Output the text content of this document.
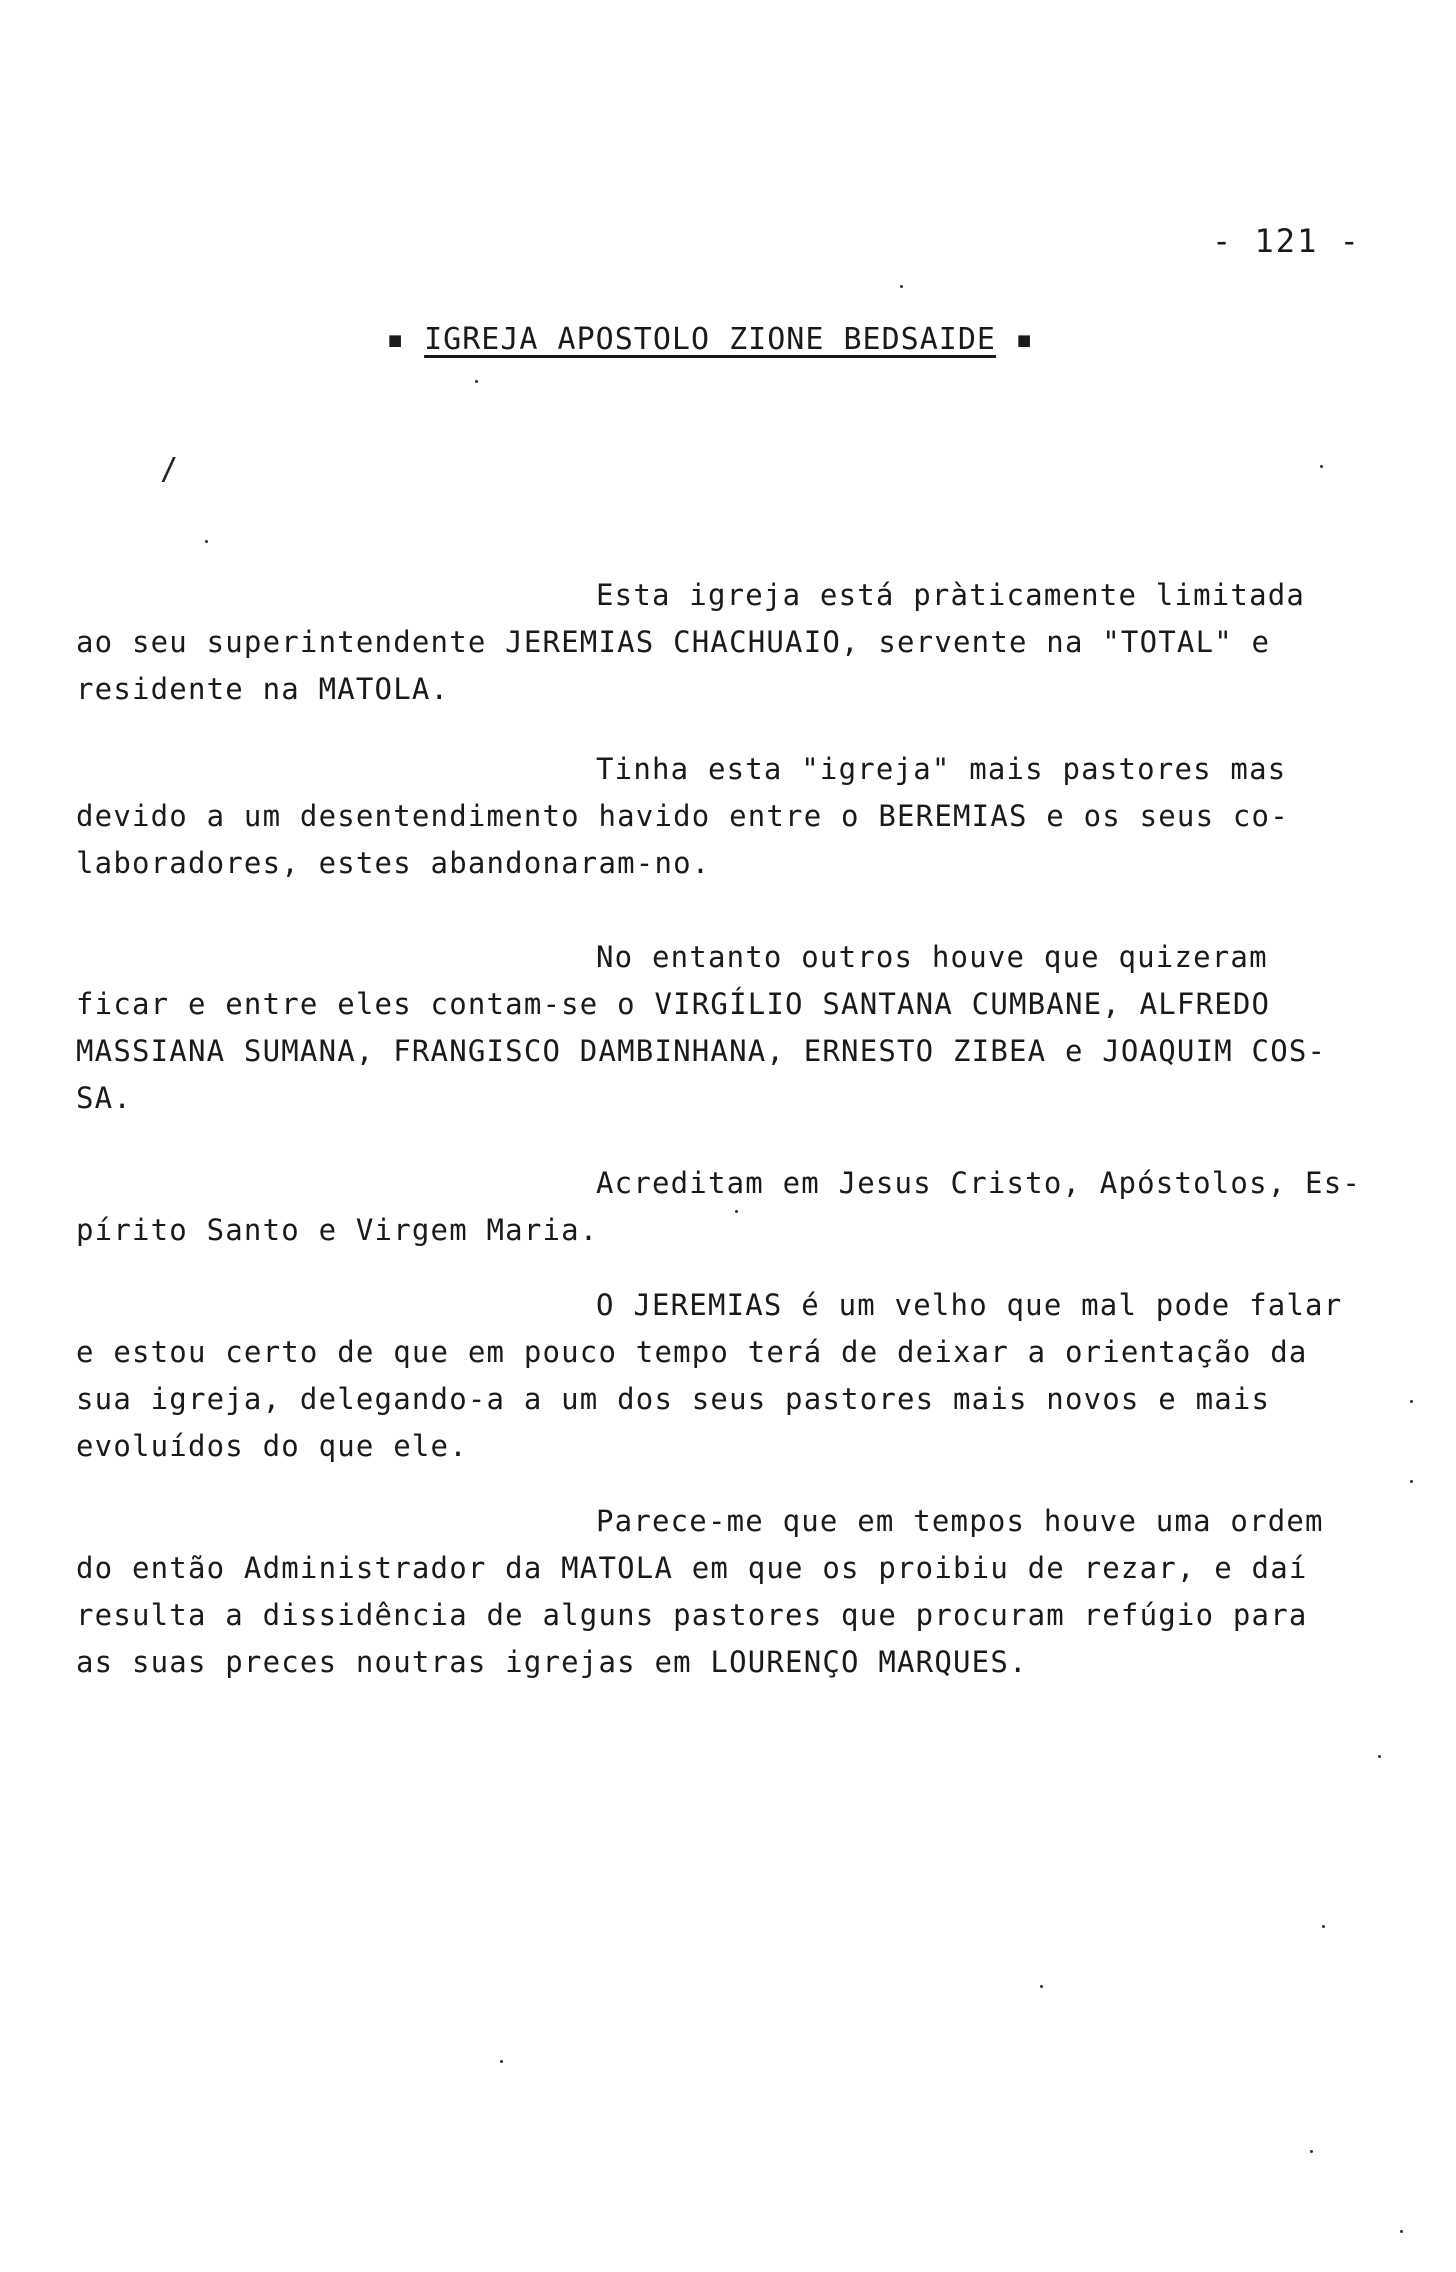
- 121 -
▪ IGREJA APOSTOLO ZIONE BEDSAIDE ▪
Esta igreja está pràticamente limitada
ao seu superintendente JEREMIAS CHACHUAIO, servente na "TOTAL" e
residente na MATOLA.
Tinha esta "igreja" mais pastores mas
devido a um desentendimento havido entre o BEREMIAS e os seus co-
laboradores, estes abandonaram-no.
No entanto outros houve que quizeram
ficar e entre eles contam-se o VIRGÍLIO SANTANA CUMBANE, ALFREDO
MASSIANA SUMANA, FRANGISCO DAMBINHANA, ERNESTO ZIBEA e JOAQUIM COS-
SA.
Acreditam em Jesus Cristo, Apóstolos, Es-
pírito Santo e Virgem Maria.
O JEREMIAS é um velho que mal pode falar
e estou certo de que em pouco tempo terá de deixar a orientação da
sua igreja, delegando-a a um dos seus pastores mais novos e mais
evoluídos do que ele.
Parece-me que em tempos houve uma ordem
do então Administrador da MATOLA em que os proibiu de rezar, e daí
resulta a dissidência de alguns pastores que procuram refúgio para
as suas preces noutras igrejas em LOURENÇO MARQUES.
/
